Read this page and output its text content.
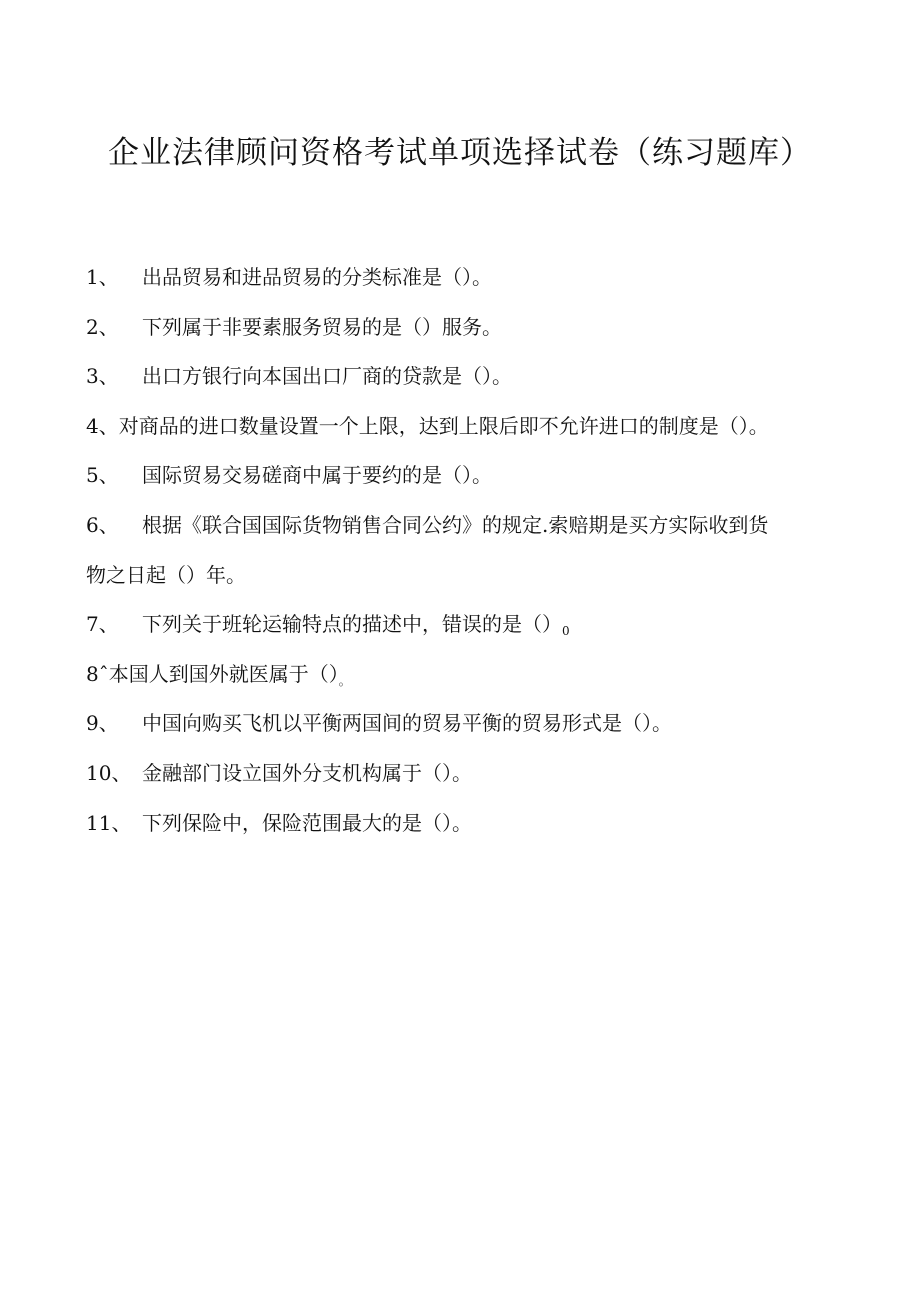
企业法律顾问资格考试单项选择试卷（练习题库）
1、 出品贸易和进品贸易的分类标准是（）。
2、 下列属于非要素服务贸易的是（）服务。
3、 出口方银行向本国出口厂商的贷款是（）。
4、对商品的进口数量设置一个上限，达到上限后即不允许进口的制度是（）。
5、 国际贸易交易磋商中属于要约的是（）。
6、 根据《联合国国际货物销售合同公约》的规定.索赔期是买方实际收到货
物之日起（）年。
7、 下列关于班轮运输特点的描述中，错误的是$()_0$
8ˆ本国人到国外就医属于$()_。$
9、 中国向购买飞机以平衡两国间的贸易平衡的贸易形式是（）。
10、 金融部门设立国外分支机构属于（）。
11、 下列保险中，保险范围最大的是（）。
